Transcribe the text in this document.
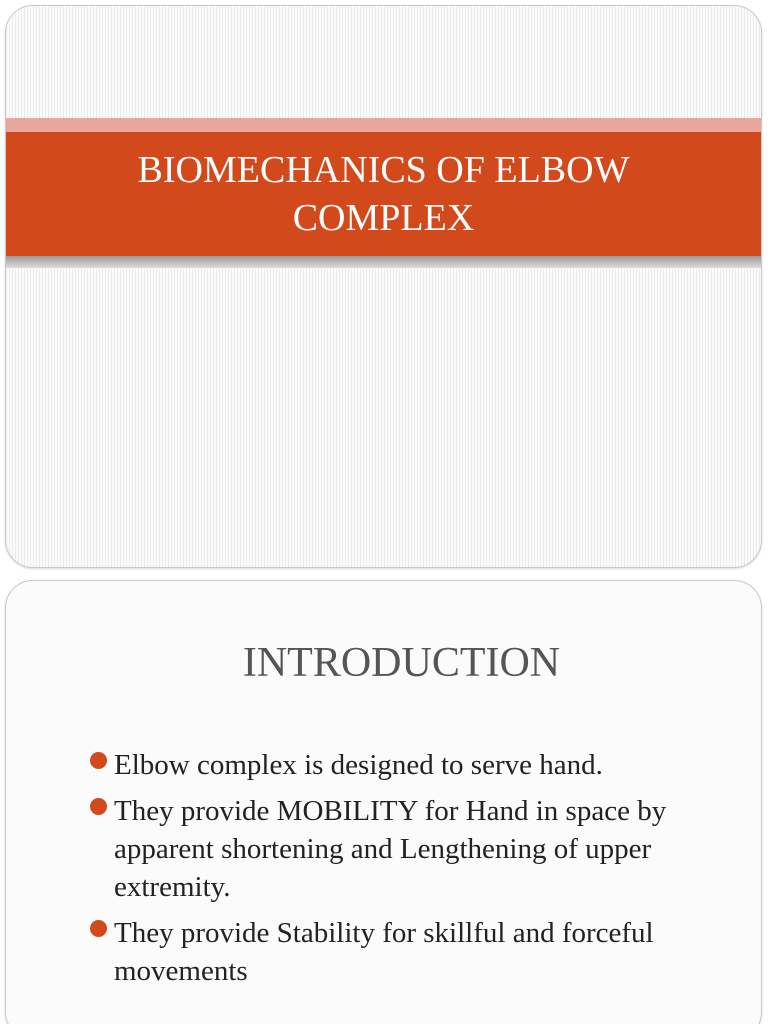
BIOMECHANICS OF ELBOW COMPLEX
INTRODUCTION
Elbow complex is designed to serve hand.
They provide MOBILITY for Hand in space by apparent shortening and Lengthening of upper extremity.
They provide Stability for skillful and forceful movements
